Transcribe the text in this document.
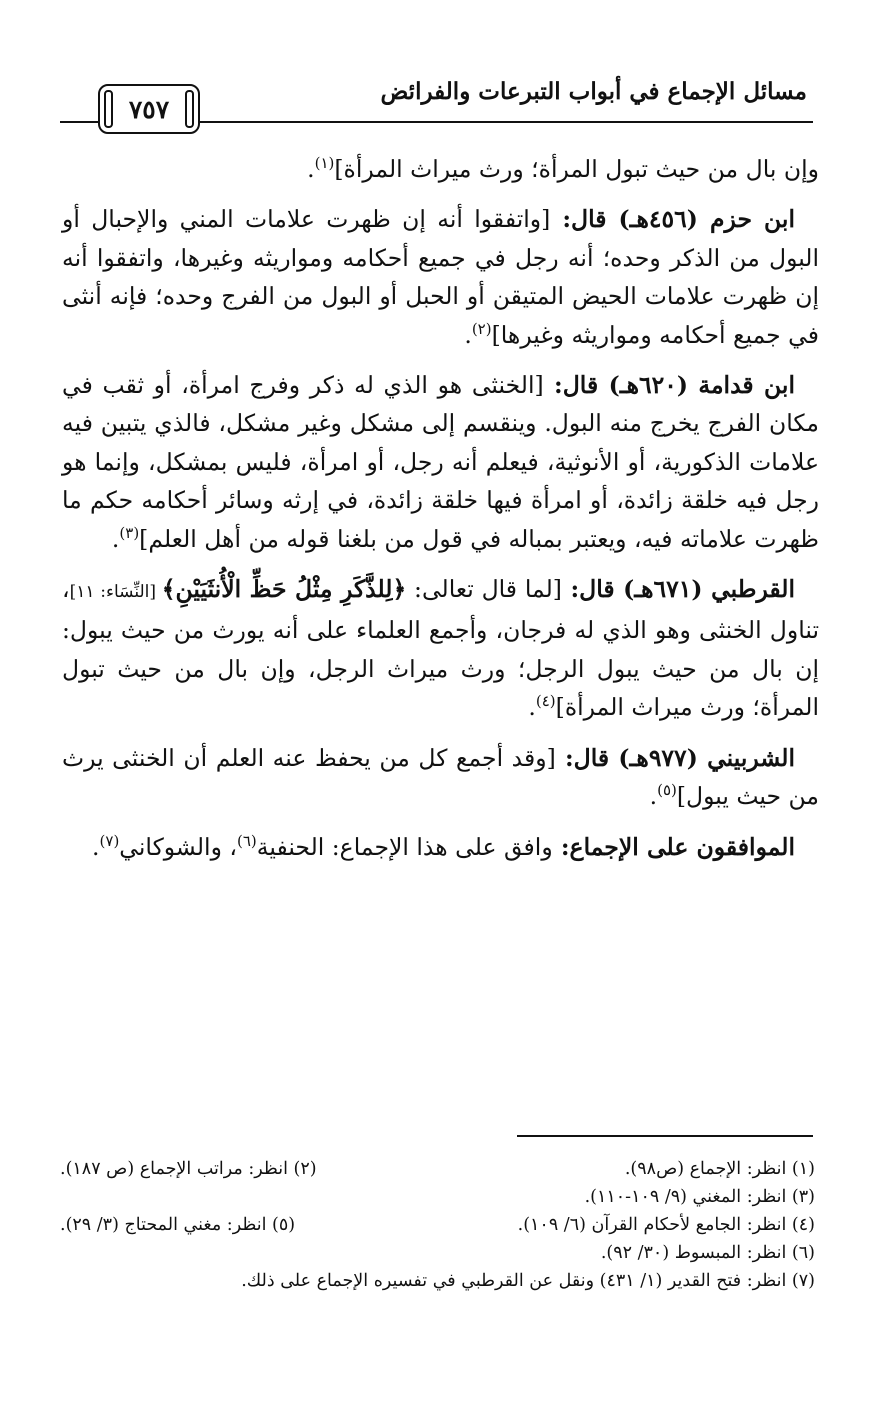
مسائل الإجماع في أبواب التبرعات والفرائض
٧٥٧

وإن بال من حيث تبول المرأة؛ ورث ميراث المرأة]$^{(١)}$.

ابن حزم (٤٥٦هـ) قال: [واتفقوا أنه إن ظهرت علامات المني والإحبال أو البول من الذكر وحده؛ أنه رجل في جميع أحكامه ومواريثه وغيرها، واتفقوا أنه إن ظهرت علامات الحيض المتيقن أو الحبل أو البول من الفرج وحده؛ فإنه أنثى في جميع أحكامه ومواريثه وغيرها]$^{(٢)}$.

ابن قدامة (٦٢٠هـ) قال: [الخنثى هو الذي له ذكر وفرج امرأة، أو ثقب في مكان الفرج يخرج منه البول. وينقسم إلى مشكل وغير مشكل، فالذي يتبين فيه علامات الذكورية، أو الأنوثية، فيعلم أنه رجل، أو امرأة، فليس بمشكل، وإنما هو رجل فيه خلقة زائدة، أو امرأة فيها خلقة زائدة، في إرثه وسائر أحكامه حكم ما ظهرت علاماته فيه، ويعتبر بمباله في قول من بلغنا قوله من أهل العلم]$^{(٣)}$.

القرطبي (٦٧١هـ) قال: [لما قال تعالى: ﴿لِلذَّكَرِ مِثْلُ حَظِّ الْأُنثَيَيْنِ﴾ [النِّسَاء: ١١]، تناول الخنثى وهو الذي له فرجان، وأجمع العلماء على أنه يورث من حيث يبول: إن بال من حيث يبول الرجل؛ ورث ميراث الرجل، وإن بال من حيث تبول المرأة؛ ورث ميراث المرأة]$^{(٤)}$.

الشربيني (٩٧٧هـ) قال: [وقد أجمع كل من يحفظ عنه العلم أن الخنثى يرث من حيث يبول]$^{(٥)}$.

الموافقون على الإجماع: وافق على هذا الإجماع: الحنفية$^{(٦)}$، والشوكاني$^{(٧)}$.

(١) انظر: الإجماع (ص٩٨).
(٢) انظر: مراتب الإجماع (ص ١٨٧).
(٣) انظر: المغني (٩/ ١٠٩-١١٠).
(٤) انظر: الجامع لأحكام القرآن (٦/ ١٠٩).
(٥) انظر: مغني المحتاج (٣/ ٢٩).
(٦) انظر: المبسوط (٣٠/ ٩٢).
(٧) انظر: فتح القدير (١/ ٤٣١) ونقل عن القرطبي في تفسيره الإجماع على ذلك.
